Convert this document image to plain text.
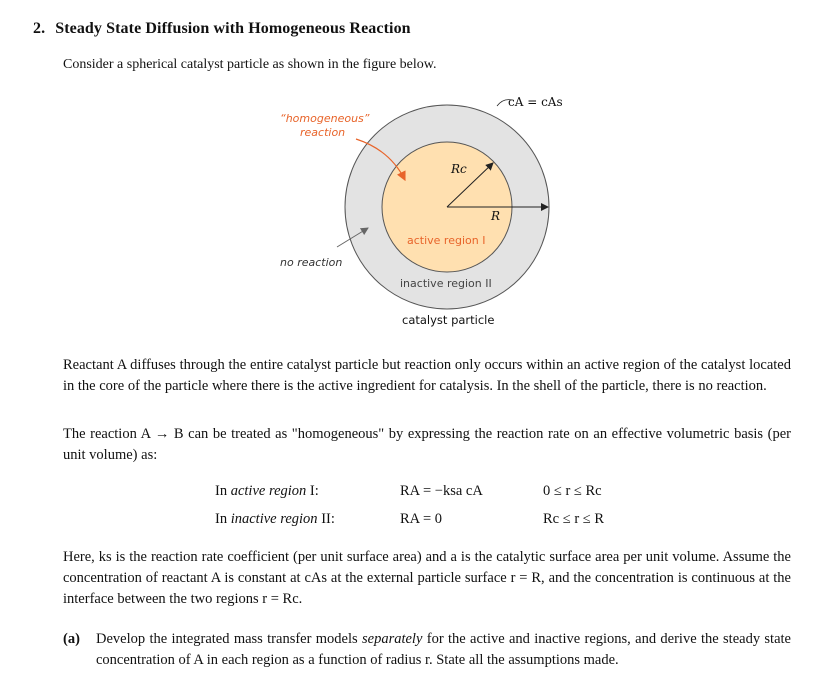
2. Steady State Diffusion with Homogeneous Reaction
Consider a spherical catalyst particle as shown in the figure below.
cA = cAs
“homogeneous”
reaction
Rc
R
active region I
no reaction
inactive region II
catalyst particle
Reactant A diffuses through the entire catalyst particle but reaction only occurs within an active region of the catalyst located in the core of the particle where there is the active ingredient for catalysis. In the shell of the particle, there is no reaction.
The reaction A → B can be treated as "homogeneous" by expressing the reaction rate on an effective volumetric basis (per unit volume) as:
In active region I:	RA = −ksa cA	0 ≤ r ≤ Rc
In inactive region II:	RA = 0	Rc ≤ r ≤ R
Here, ks is the reaction rate coefficient (per unit surface area) and a is the catalytic surface area per unit volume. Assume the concentration of reactant A is constant at cAs at the external particle surface r = R, and the concentration is continuous at the interface between the two regions r = Rc.
(a) Develop the integrated mass transfer models separately for the active and inactive regions, and derive the steady state concentration of A in each region as a function of radius r. State all the assumptions made.
